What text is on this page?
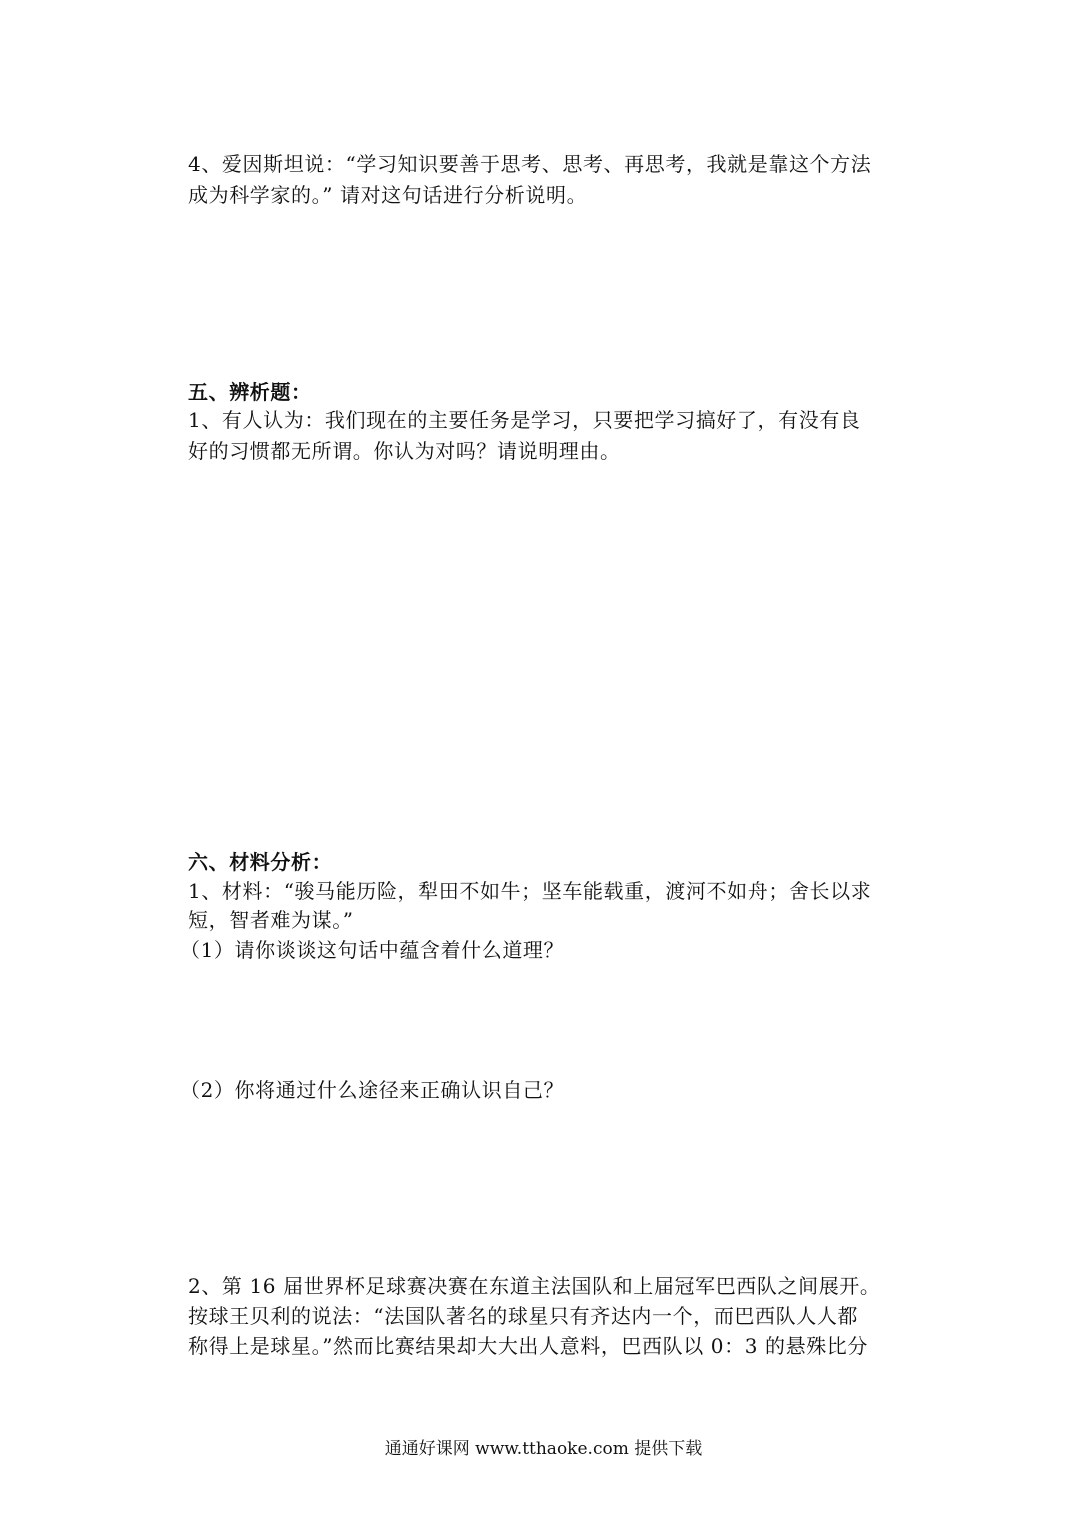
4、爱因斯坦说：“学习知识要善于思考、思考、再思考，我就是靠这个方法
成为科学家的。” 请对这句话进行分析说明。
五、辨析题：
1、有人认为：我们现在的主要任务是学习，只要把学习搞好了，有没有良
好的习惯都无所谓。你认为对吗？请说明理由。
六、材料分析：
1、材料：“骏马能历险，犁田不如牛；坚车能载重，渡河不如舟；舍长以求
短，智者难为谋。”
（1）请你谈谈这句话中蕴含着什么道理？
（2）你将通过什么途径来正确认识自己？
2、第 16 届世界杯足球赛决赛在东道主法国队和上届冠军巴西队之间展开。
按球王贝利的说法：“法国队著名的球星只有齐达内一个，而巴西队人人都
称得上是球星。”然而比赛结果却大大出人意料，巴西队以 0：3 的悬殊比分
通通好课网 www.tthaoke.com 提供下载
